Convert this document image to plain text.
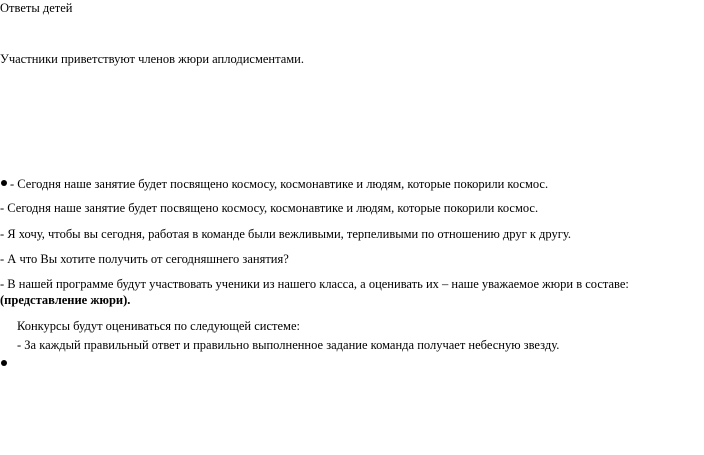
Ответы детей
Участники приветствуют членов жюри аплодисментами.
- Сегодня наше занятие будет посвящено космосу, космонавтике и людям, которые покорили космос.
- Сегодня наше занятие будет посвящено космосу, космонавтике и людям, которые покорили космос.
- Я хочу, чтобы вы сегодня, работая в команде были вежливыми, терпеливыми по отношению друг к другу.
- А что Вы хотите получить от сегодняшнего занятия?
- В нашей программе будут участвовать ученики из нашего класса, а оценивать их – наше уважаемое жюри в составе: (представление жюри).
Конкурсы будут оцениваться по следующей системе:
- За каждый правильный ответ и правильно выполненное задание команда получает небесную звезду.
